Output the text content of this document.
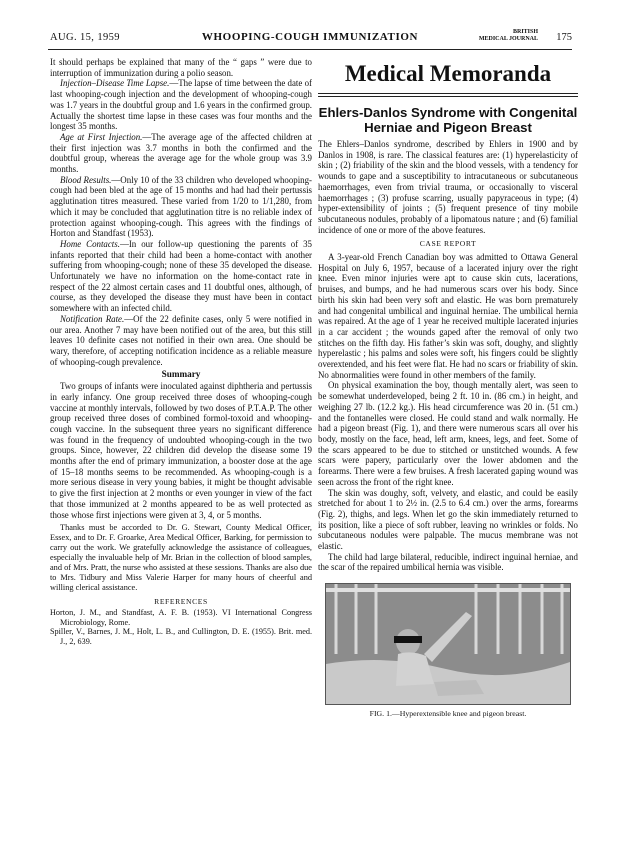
AUG. 15, 1959	WHOOPING-COUGH IMMUNIZATION	BRITISH
MEDICAL JOURNAL 175

It should perhaps be explained that many of the “ gaps ” were due to interruption of immunization during a polio season.

Injection–Disease Time Lapse.—The lapse of time between the date of last whooping-cough injection and the development of whooping-cough was 1.7 years in the doubtful group and 1.6 years in the confirmed group. Actually the shortest time lapse in these cases was four months and the longest 35 months.

Age at First Injection.—The average age of the affected children at their first injection was 3.7 months in both the confirmed and the doubtful group, whereas the average age for the whole group was 3.9 months.

Blood Results.—Only 10 of the 33 children who developed whooping-cough had been bled at the age of 15 months and had had their pertussis agglutination titres measured. These varied from 1/20 to 1/1,280, from which it may be concluded that agglutination titre is no reliable index of protection against whooping-cough. This agrees with the findings of Horton and Standfast (1953).

Home Contacts.—In our follow-up questioning the parents of 35 infants reported that their child had been a home-contact with another suffering from whooping-cough; none of these 35 developed the disease. Unfortunately we have no information on the home-contact rate in respect of the 22 almost certain cases and 11 doubtful ones, although, of course, as they developed the disease they must have been in contact somewhere with an infected child.

Notification Rate.—Of the 22 definite cases, only 5 were notified in our area. Another 7 may have been notified out of the area, but this still leaves 10 definite cases not notified in their own area. One should be wary, therefore, of accepting notification incidence as a reliable measure of whooping-cough prevalence.

Summary

Two groups of infants were inoculated against diphtheria and pertussis in early infancy. One group received three doses of whooping-cough vaccine at monthly intervals, followed by two doses of P.T.A.P. The other group received three doses of combined formol-toxoid and whooping-cough vaccine. In the subsequent three years no significant difference was found in the frequency of undoubted whooping-cough in the two groups. Since, however, 22 children did develop the disease some 19 months after the end of primary immunization, a booster dose at the age of 15–18 months seems to be recommended. As whooping-cough is a more serious disease in very young babies, it might be thought advisable to give the first injection at 2 months or even younger in view of the fact that those immunized at 2 months appeared to be as well protected as those whose first injections were given at 3, 4, or 5 months.

Thanks must be accorded to Dr. G. Stewart, County Medical Officer, Essex, and to Dr. F. Groarke, Area Medical Officer, Barking, for permission to carry out the work. We gratefully acknowledge the assistance of colleagues, especially the invaluable help of Mr. Brian in the collection of blood samples, and of Mrs. Pratt, the nurse who assisted at these sessions. Thanks are also due to Mrs. Tidbury and Miss Valerie Harper for many hours of cheerful and willing clerical assistance.

REFERENCES

Horton, J. M., and Standfast, A. F. B. (1953). VI International Congress Microbiology, Rome.

Spiller, V., Barnes, J. M., Holt, L. B., and Cullington, D. E. (1955). Brit. med. J., 2, 639.

Medical Memoranda
Ehlers-Danlos Syndrome with Congenital Herniae and Pigeon Breast

The Ehlers–Danlos syndrome, described by Ehlers in 1900 and by Danlos in 1908, is rare. The classical features are: (1) hyperelasticity of skin ; (2) friability of the skin and the blood vessels, with a tendency for wounds to gape and a susceptibility to intracutaneous or subcutaneous haemorrhages, even from trivial trauma, or occasionally to visceral haemorrhages ; (3) profuse scarring, usually papyraceous in type; (4) hyper-extensibility of joints ; (5) frequent presence of tiny mobile subcutaneous nodules, probably of a lipomatous nature ; and (6) familial incidence of one or more of the above features.

CASE REPORT

A 3-year-old French Canadian boy was admitted to Ottawa General Hospital on July 6, 1957, because of a lacerated injury over the right knee. Even minor injuries were apt to cause skin cuts, lacerations, bruises, and bumps, and he had numerous scars over his body. Since birth his skin had been very soft and elastic. He was born prematurely and had congenital umbilical and inguinal herniae. The umbilical hernia was repaired. At the age of 1 year he received multiple lacerated injuries in a car accident ; the wounds gaped after the removal of only two stitches on the fifth day. His father’s skin was soft, doughy, and slightly hyperelastic ; his palms and soles were soft, his fingers could be slightly overextended, and his feet were flat. He had no scars or friability of skin. No abnormalities were found in other members of the family.

On physical examination the boy, though mentally alert, was seen to be somewhat underdeveloped, being 2 ft. 10 in. (86 cm.) in height, and weighing 27 lb. (12.2 kg.). His head circumference was 20 in. (51 cm.) and the fontanelles were closed. He could stand and walk normally. He had a pigeon breast (Fig. 1), and there were numerous scars all over his body, mostly on the face, head, left arm, knees, legs, and feet. Some of the scars appeared to be due to stitched or unstitched wounds. A few scars were papery, particularly over the lower abdomen and the forearms. There were a few bruises. A fresh lacerated gaping wound was seen across the front of the right knee.

The skin was doughy, soft, velvety, and elastic, and could be easily stretched for about 1 to 2½ in. (2.5 to 6.4 cm.) over the arms, forearms (Fig. 2), thighs, and legs. When let go the skin immediately returned to its position, like a piece of soft rubber, leaving no wrinkles or folds. No subcutaneous nodules were palpable. The mucus membrane was not elastic.

The child had large bilateral, reducible, indirect inguinal herniae, and the scar of the repaired umbilical hernia was visible.

FIG. 1.—Hyperextensible knee and pigeon breast.
